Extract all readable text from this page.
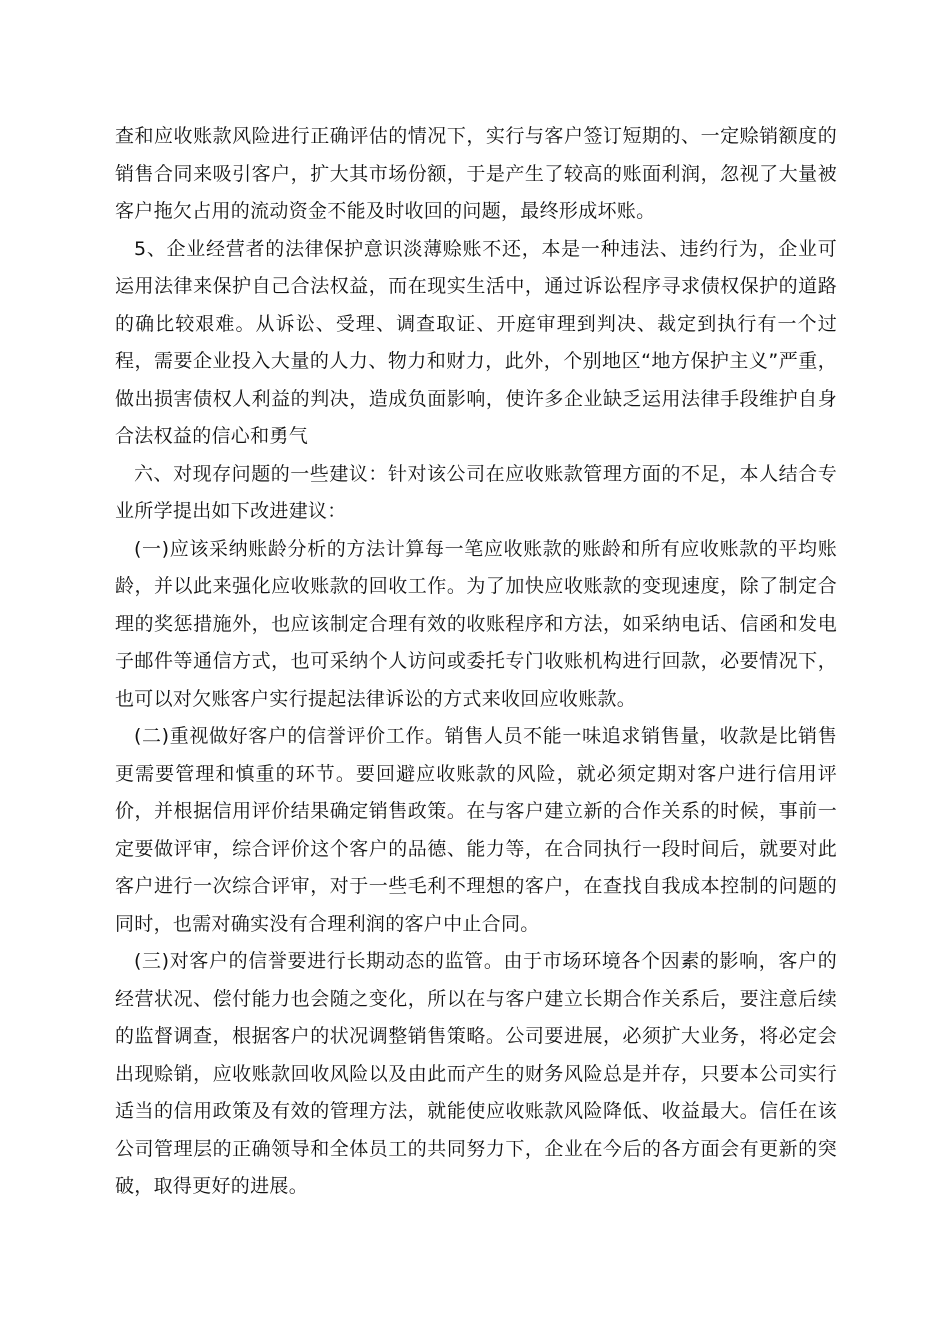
查和应收账款风险进行正确评估的情况下，实行与客户签订短期的、一定赊销额度的销售合同来吸引客户，扩大其市场份额，于是产生了较高的账面利润，忽视了大量被客户拖欠占用的流动资金不能及时收回的问题，最终形成坏账。

5、企业经营者的法律保护意识淡薄赊账不还，本是一种违法、违约行为，企业可运用法律来保护自己合法权益，而在现实生活中，通过诉讼程序寻求债权保护的道路的确比较艰难。从诉讼、受理、调查取证、开庭审理到判决、裁定到执行有一个过程，需要企业投入大量的人力、物力和财力，此外，个别地区“地方保护主义”严重，做出损害债权人利益的判决，造成负面影响，使许多企业缺乏运用法律手段维护自身合法权益的信心和勇气

六、对现存问题的一些建议：针对该公司在应收账款管理方面的不足，本人结合专业所学提出如下改进建议：

(一)应该采纳账龄分析的方法计算每一笔应收账款的账龄和所有应收账款的平均账龄，并以此来强化应收账款的回收工作。为了加快应收账款的变现速度，除了制定合理的奖惩措施外，也应该制定合理有效的收账程序和方法，如采纳电话、信函和发电子邮件等通信方式，也可采纳个人访问或委托专门收账机构进行回款，必要情况下，也可以对欠账客户实行提起法律诉讼的方式来收回应收账款。

(二)重视做好客户的信誉评价工作。销售人员不能一味追求销售量，收款是比销售更需要管理和慎重的环节。要回避应收账款的风险，就必须定期对客户进行信用评价，并根据信用评价结果确定销售政策。在与客户建立新的合作关系的时候，事前一定要做评审，综合评价这个客户的品德、能力等，在合同执行一段时间后，就要对此客户进行一次综合评审，对于一些毛利不理想的客户，在查找自我成本控制的问题的同时，也需对确实没有合理利润的客户中止合同。

(三)对客户的信誉要进行长期动态的监管。由于市场环境各个因素的影响，客户的经营状况、偿付能力也会随之变化，所以在与客户建立长期合作关系后，要注意后续的监督调查，根据客户的状况调整销售策略。公司要进展，必须扩大业务，将必定会出现赊销，应收账款回收风险以及由此而产生的财务风险总是并存，只要本公司实行适当的信用政策及有效的管理方法，就能使应收账款风险降低、收益最大。信任在该公司管理层的正确领导和全体员工的共同努力下，企业在今后的各方面会有更新的突破，取得更好的进展。
